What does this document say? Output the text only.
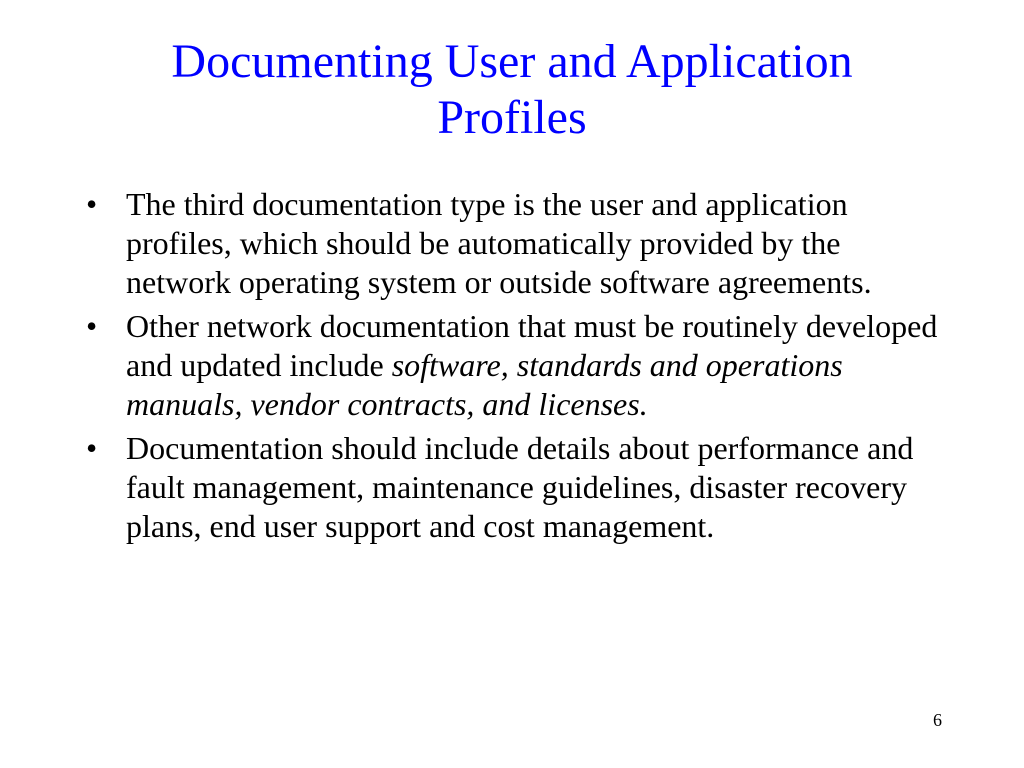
Documenting User and Application
Profiles
• The third documentation type is the user and application profiles, which should be automatically provided by the network operating system or outside software agreements.
• Other network documentation that must be routinely developed and updated include software, standards and operations manuals, vendor contracts, and licenses.
• Documentation should include details about performance and fault management, maintenance guidelines, disaster recovery plans, end user support and cost management.
6
